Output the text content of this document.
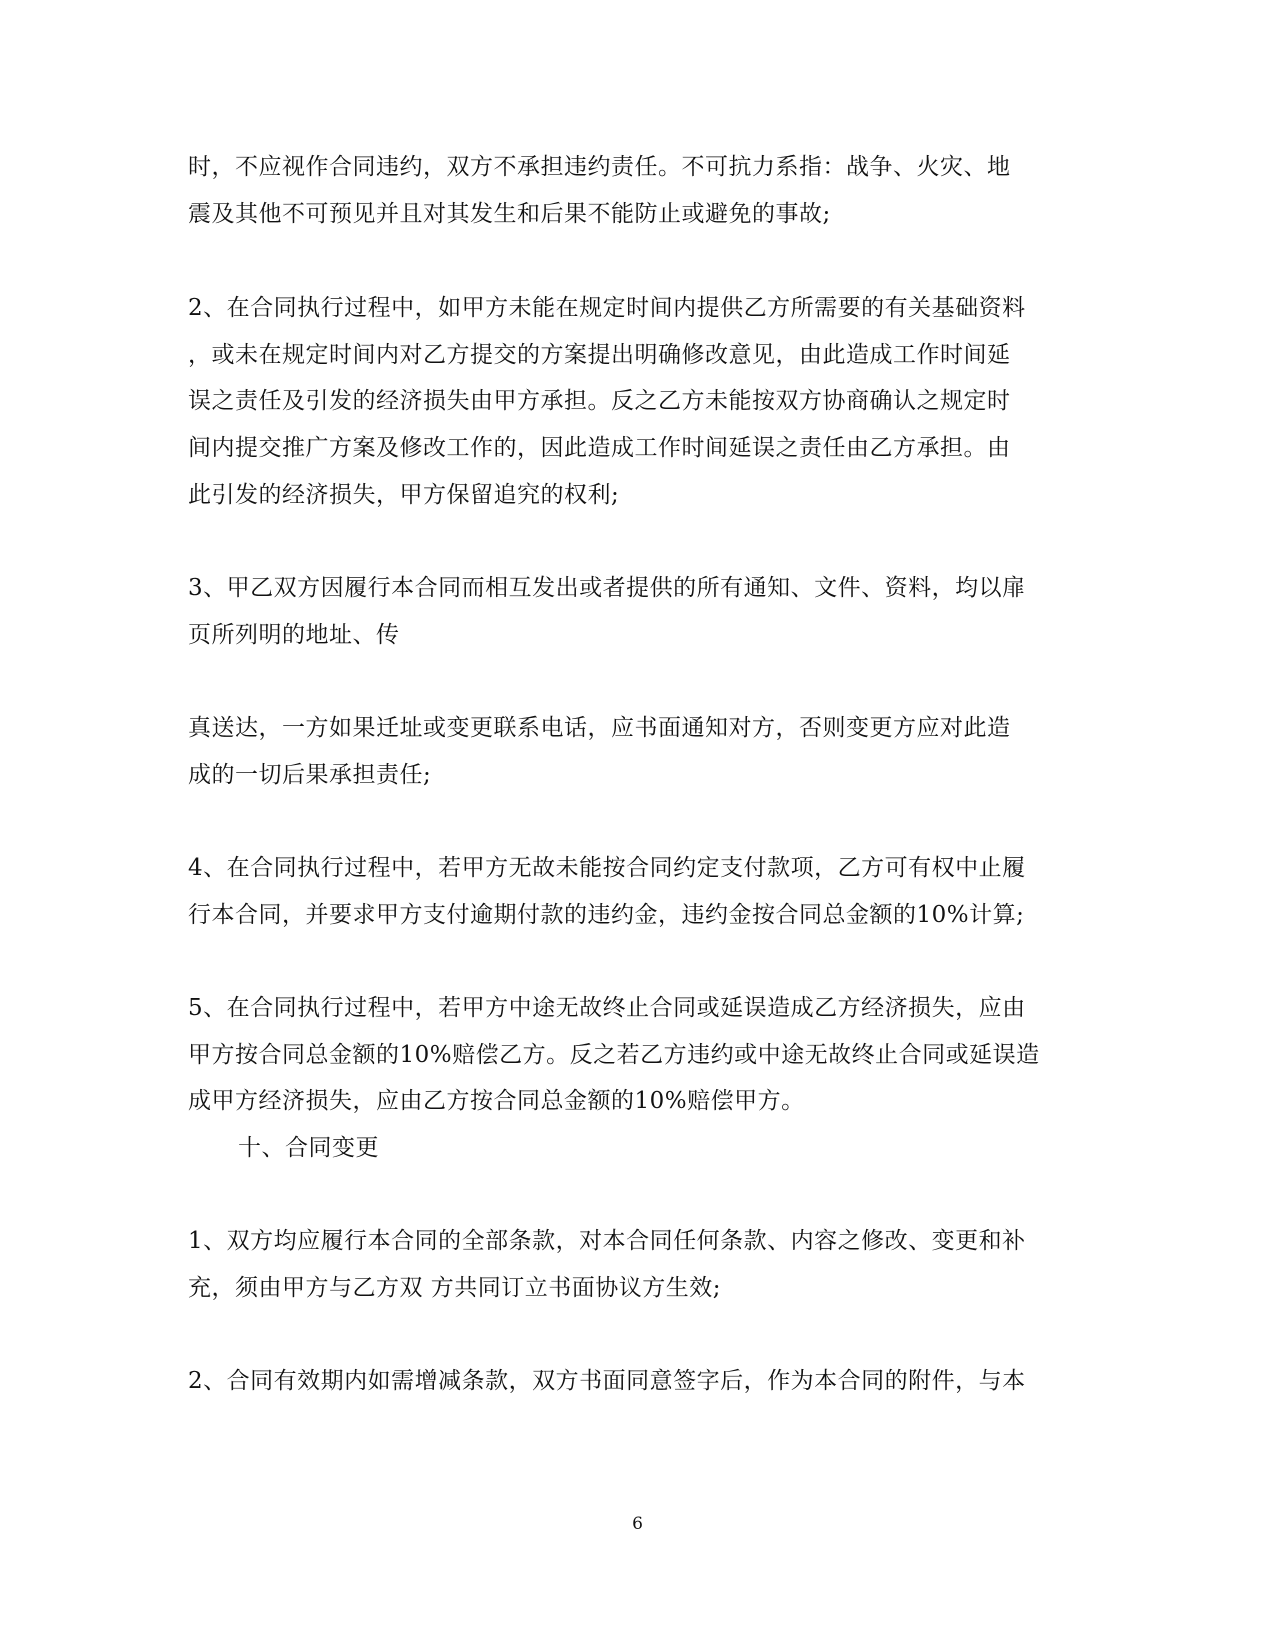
时，不应视作合同违约，双方不承担违约责任。不可抗力系指：战争、火灾、地
震及其他不可预见并且对其发生和后果不能防止或避免的事故;
2、在合同执行过程中，如甲方未能在规定时间内提供乙方所需要的有关基础资料
，或未在规定时间内对乙方提交的方案提出明确修改意见，由此造成工作时间延
误之责任及引发的经济损失由甲方承担。反之乙方未能按双方协商确认之规定时
间内提交推广方案及修改工作的，因此造成工作时间延误之责任由乙方承担。由
此引发的经济损失，甲方保留追究的权利;
3、甲乙双方因履行本合同而相互发出或者提供的所有通知、文件、资料，均以扉
页所列明的地址、传
真送达，一方如果迁址或变更联系电话，应书面通知对方，否则变更方应对此造
成的一切后果承担责任;
4、在合同执行过程中，若甲方无故未能按合同约定支付款项，乙方可有权中止履
行本合同，并要求甲方支付逾期付款的违约金，违约金按合同总金额的10%计算;
5、在合同执行过程中，若甲方中途无故终止合同或延误造成乙方经济损失，应由
甲方按合同总金额的10%赔偿乙方。反之若乙方违约或中途无故终止合同或延误造
成甲方经济损失，应由乙方按合同总金额的10%赔偿甲方。
十、合同变更
1、双方均应履行本合同的全部条款，对本合同任何条款、内容之修改、变更和补
充，须由甲方与乙方双 方共同订立书面协议方生效;
2、合同有效期内如需增减条款，双方书面同意签字后，作为本合同的附件，与本
6
